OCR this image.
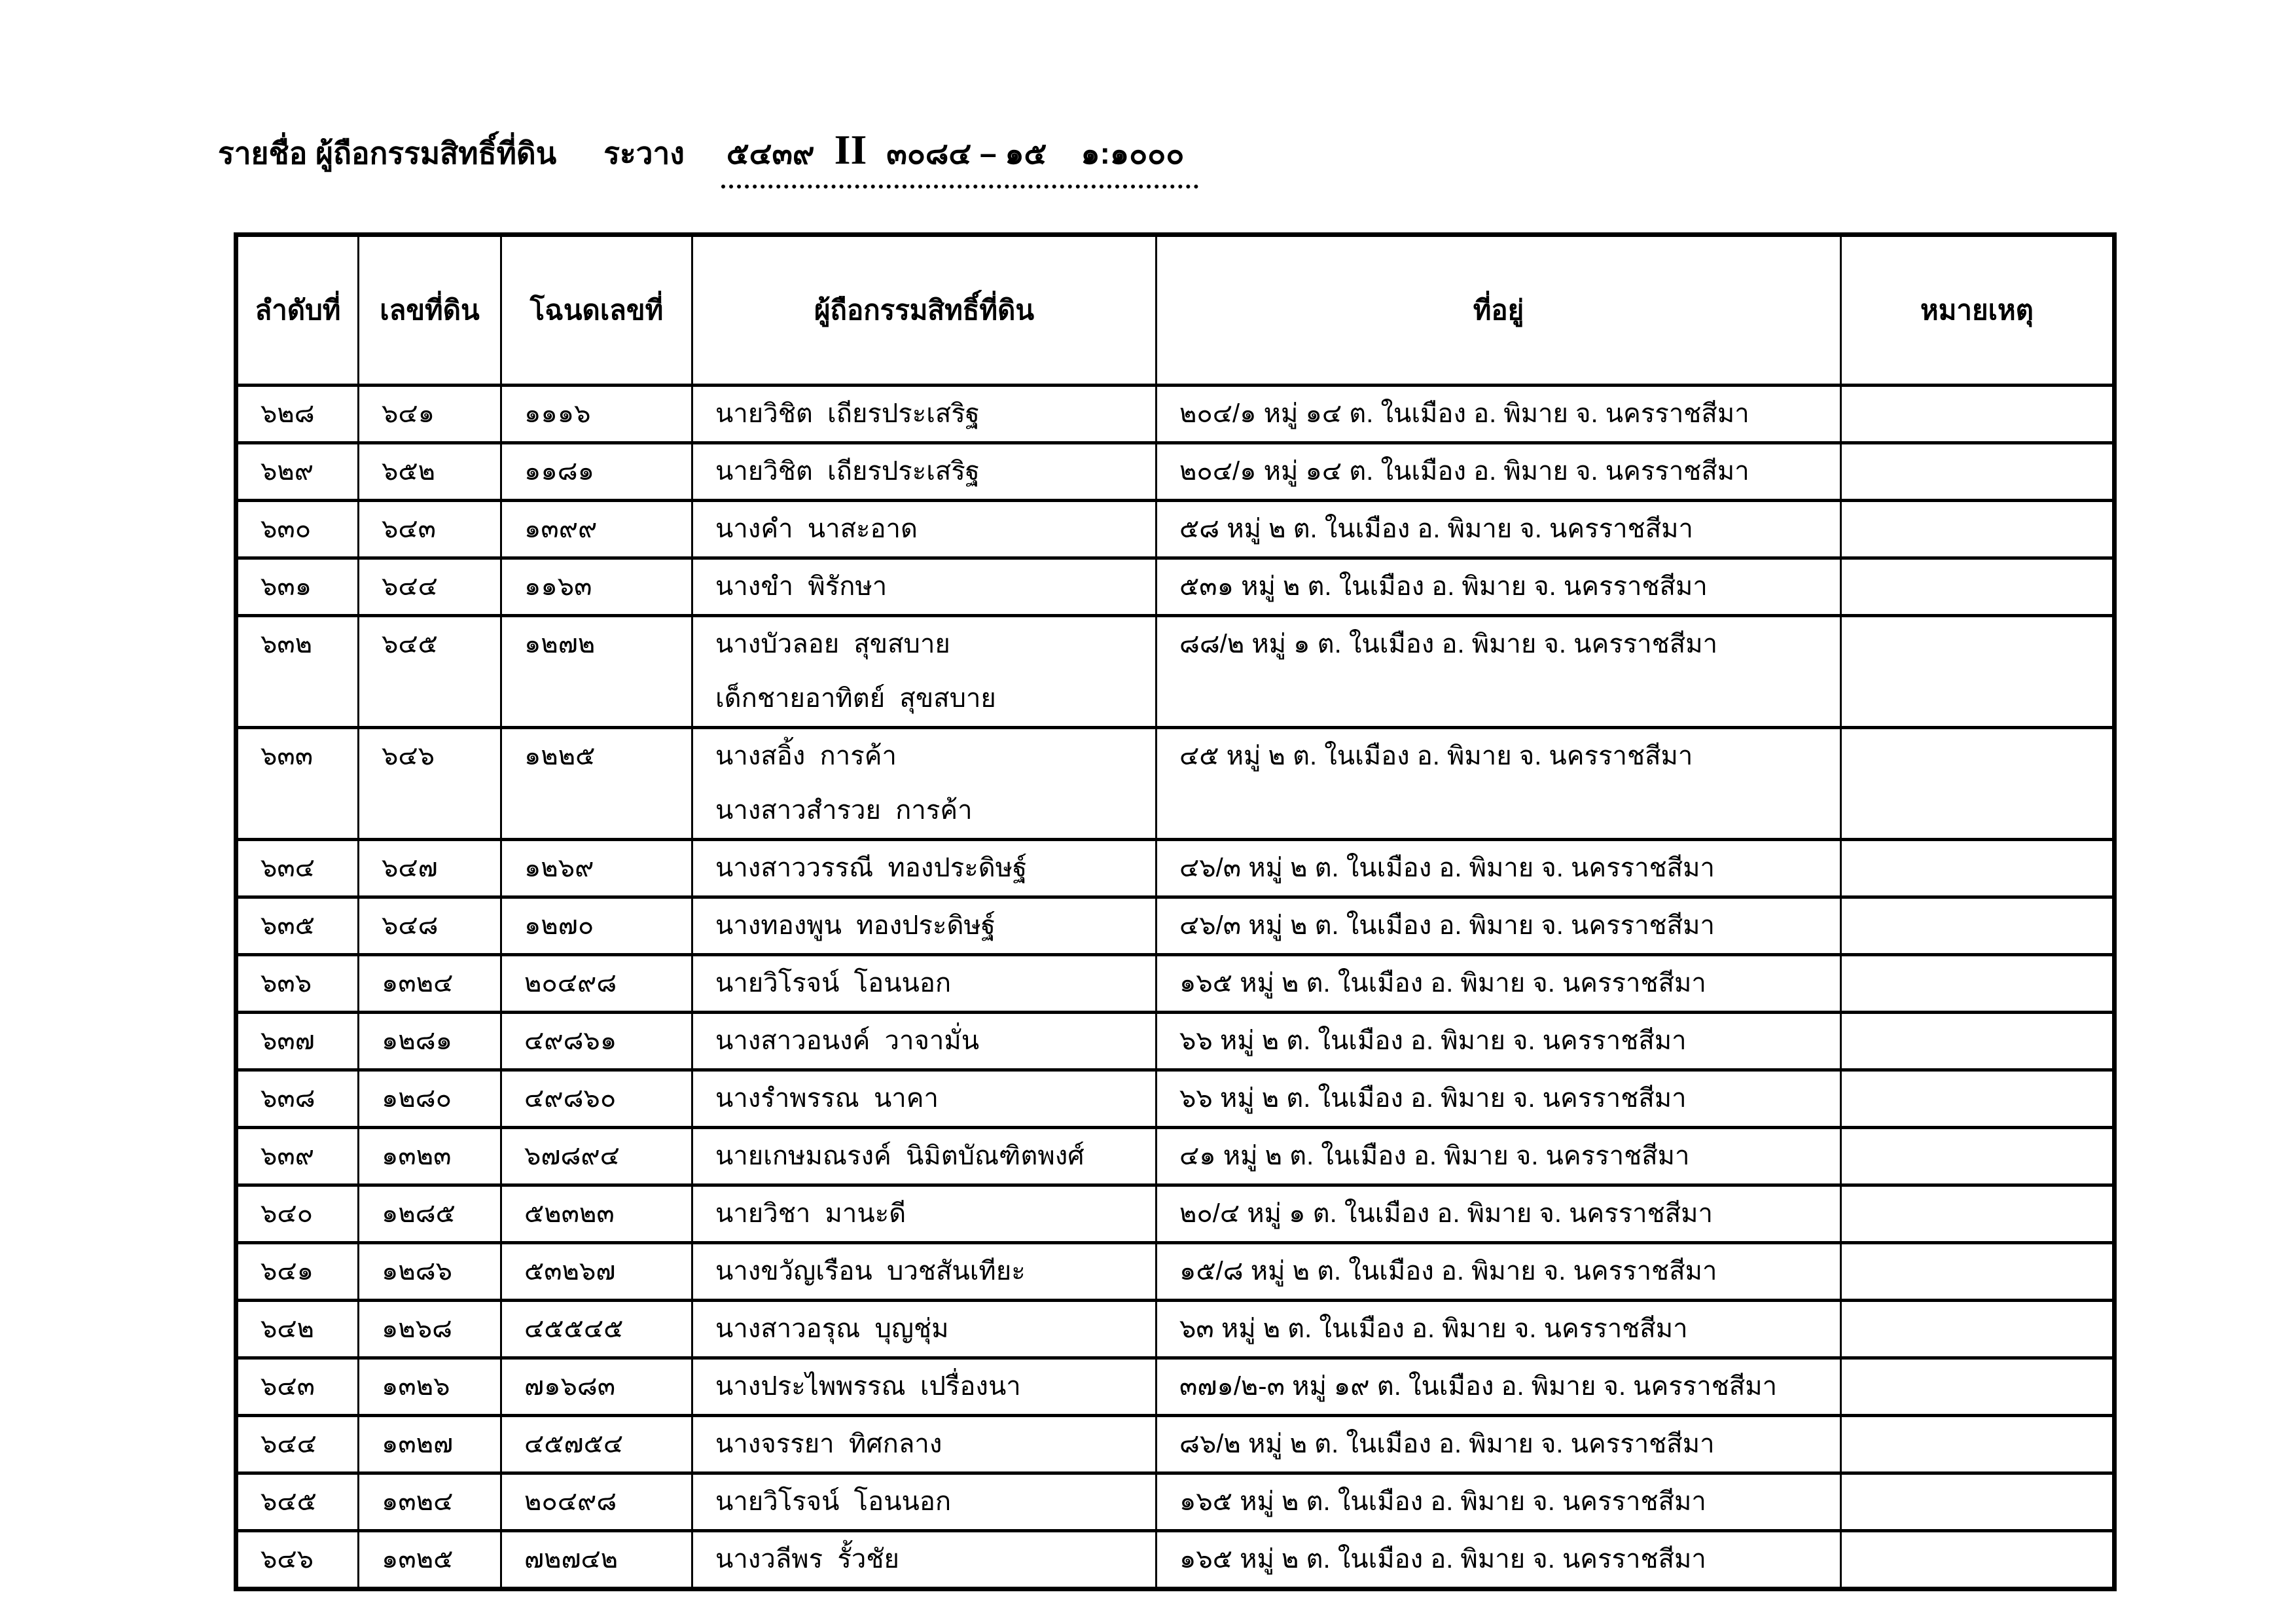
รายชื่อ ผู้ถือกรรมสิทธิ์ที่ดิน ระวาง ๕๔๓๙ II ๓๐๘๔ – ๑๕ ๑:๑๐๐๐
ลำดับที่	เลขที่ดิน	โฉนดเลขที่	ผู้ถือกรรมสิทธิ์ที่ดิน	ที่อยู่	หมายเหตุ

๖๒๘	๖๔๑	๑๑๑๖	นายวิชิต  เถียรประเสริฐ	๒๐๔/๑ หมู่ ๑๔ ต. ในเมือง อ. พิมาย จ. นครราชสีมา	

๖๒๙	๖๕๒	๑๑๘๑	นายวิชิต  เถียรประเสริฐ	๒๐๔/๑ หมู่ ๑๔ ต. ในเมือง อ. พิมาย จ. นครราชสีมา	

๖๓๐	๖๔๓	๑๓๙๙	นางคำ  นาสะอาด	๕๘ หมู่ ๒ ต. ในเมือง อ. พิมาย จ. นครราชสีมา	

๖๓๑	๖๔๔	๑๑๖๓	นางขำ  พิรักษา	๕๓๑ หมู่ ๒ ต. ในเมือง อ. พิมาย จ. นครราชสีมา	

๖๓๒	๖๔๕	๑๒๗๒	นางบัวลอย  สุขสบาย
เด็กชายอาทิตย์  สุขสบาย	๘๘/๒ หมู่ ๑ ต. ในเมือง อ. พิมาย จ. นครราชสีมา	

๖๓๓	๖๔๖	๑๒๒๕	นางสอิ้ง  การค้า
นางสาวสำรวย  การค้า	๔๕ หมู่ ๒ ต. ในเมือง อ. พิมาย จ. นครราชสีมา	

๖๓๔	๖๔๗	๑๒๖๙	นางสาววรรณี  ทองประดิษฐ์	๔๖/๓ หมู่ ๒ ต. ในเมือง อ. พิมาย จ. นครราชสีมา	

๖๓๕	๖๔๘	๑๒๗๐	นางทองพูน  ทองประดิษฐ์	๔๖/๓ หมู่ ๒ ต. ในเมือง อ. พิมาย จ. นครราชสีมา	

๖๓๖	๑๓๒๔	๒๐๔๙๘	นายวิโรจน์  โอนนอก	๑๖๕ หมู่ ๒ ต. ในเมือง อ. พิมาย จ. นครราชสีมา	

๖๓๗	๑๒๘๑	๔๙๘๖๑	นางสาวอนงค์  วาจามั่น	๖๖ หมู่ ๒ ต. ในเมือง อ. พิมาย จ. นครราชสีมา	

๖๓๘	๑๒๘๐	๔๙๘๖๐	นางรำพรรณ  นาคา	๖๖ หมู่ ๒ ต. ในเมือง อ. พิมาย จ. นครราชสีมา	

๖๓๙	๑๓๒๓	๖๗๘๙๔	นายเกษมณรงค์  นิมิตบัณฑิตพงศ์	๔๑ หมู่ ๒ ต. ในเมือง อ. พิมาย จ. นครราชสีมา	

๖๔๐	๑๒๘๕	๕๒๓๒๓	นายวิชา  มานะดี	๒๐/๔ หมู่ ๑ ต. ในเมือง อ. พิมาย จ. นครราชสีมา	

๖๔๑	๑๒๘๖	๕๓๒๖๗	นางขวัญเรือน  บวชสันเทียะ	๑๕/๘ หมู่ ๒ ต. ในเมือง อ. พิมาย จ. นครราชสีมา	

๖๔๒	๑๒๖๘	๔๕๕๔๕	นางสาวอรุณ  บุญชุ่ม	๖๓ หมู่ ๒ ต. ในเมือง อ. พิมาย จ. นครราชสีมา	

๖๔๓	๑๓๒๖	๗๑๖๘๓	นางประไพพรรณ  เปรื่องนา	๓๗๑/๒-๓ หมู่ ๑๙ ต. ในเมือง อ. พิมาย จ. นครราชสีมา	

๖๔๔	๑๓๒๗	๔๕๗๕๔	นางจรรยา  ทิศกลาง	๘๖/๒ หมู่ ๒ ต. ในเมือง อ. พิมาย จ. นครราชสีมา	

๖๔๕	๑๓๒๔	๒๐๔๙๘	นายวิโรจน์  โอนนอก	๑๖๕ หมู่ ๒ ต. ในเมือง อ. พิมาย จ. นครราชสีมา	

๖๔๖	๑๓๒๕	๗๒๗๔๒	นางวลีพร  รั้วชัย	๑๖๕ หมู่ ๒ ต. ในเมือง อ. พิมาย จ. นครราชสีมา	
